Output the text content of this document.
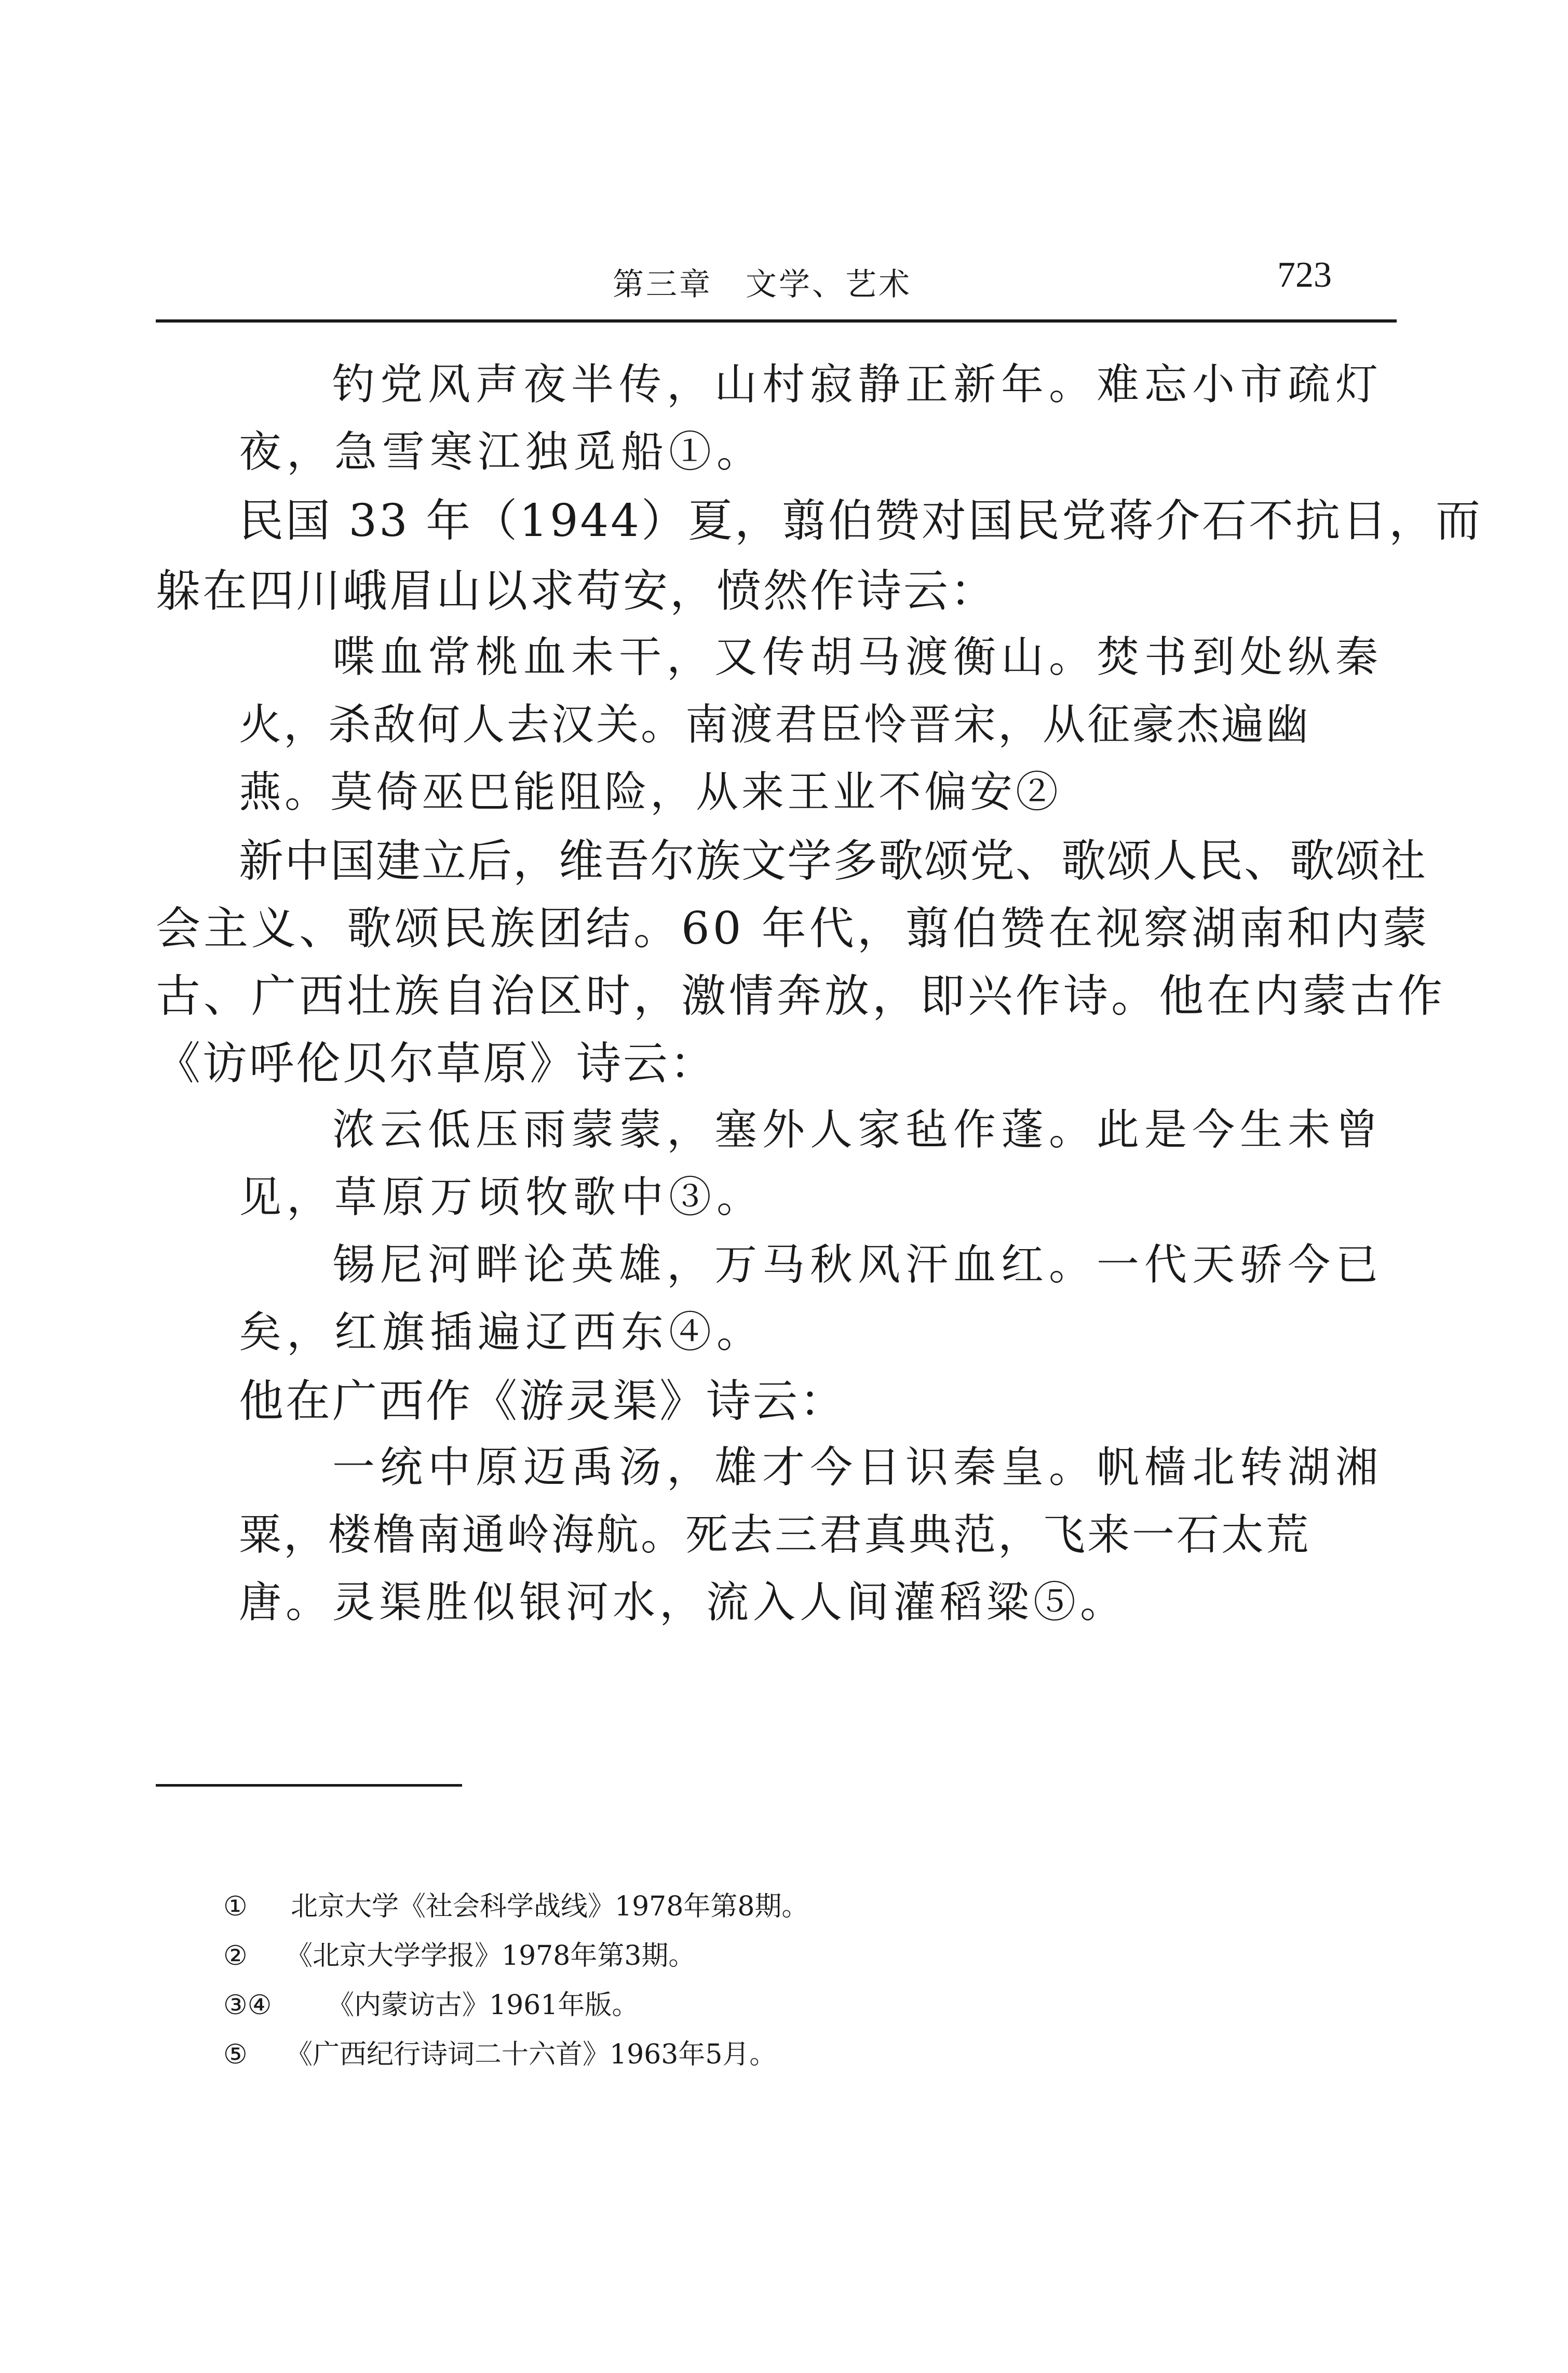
第三章　文学、艺术	723
钓党风声夜半传，山村寂静正新年。难忘小市疏灯
夜，急雪寒江独觅船①。
民国 33 年（1944）夏，翦伯赞对国民党蒋介石不抗日，而
躲在四川峨眉山以求苟安，愤然作诗云：
喋血常桃血未干，又传胡马渡衡山。焚书到处纵秦
火，杀敌何人去汉关。南渡君臣怜晋宋，从征豪杰遍幽
燕。莫倚巫巴能阻险，从来王业不偏安②
新中国建立后，维吾尔族文学多歌颂党、歌颂人民、歌颂社
会主义、歌颂民族团结。60 年代，翦伯赞在视察湖南和内蒙
古、广西壮族自治区时，激情奔放，即兴作诗。他在内蒙古作
《访呼伦贝尔草原》诗云：
浓云低压雨蒙蒙，塞外人家毡作蓬。此是今生未曾
见，草原万顷牧歌中③。
锡尼河畔论英雄，万马秋风汗血红。一代天骄今已
矣，红旗插遍辽西东④。
他在广西作《游灵渠》诗云：
一统中原迈禹汤，雄才今日识秦皇。帆樯北转湖湘
粟，楼橹南通岭海航。死去三君真典范，飞来一石太荒
唐。灵渠胜似银河水，流入人间灌稻粱⑤。
① 北京大学《社会科学战线》1978年第8期。
② 《北京大学学报》1978年第3期。
③④ 《内蒙访古》1961年版。
⑤ 《广西纪行诗词二十六首》1963年5月。
